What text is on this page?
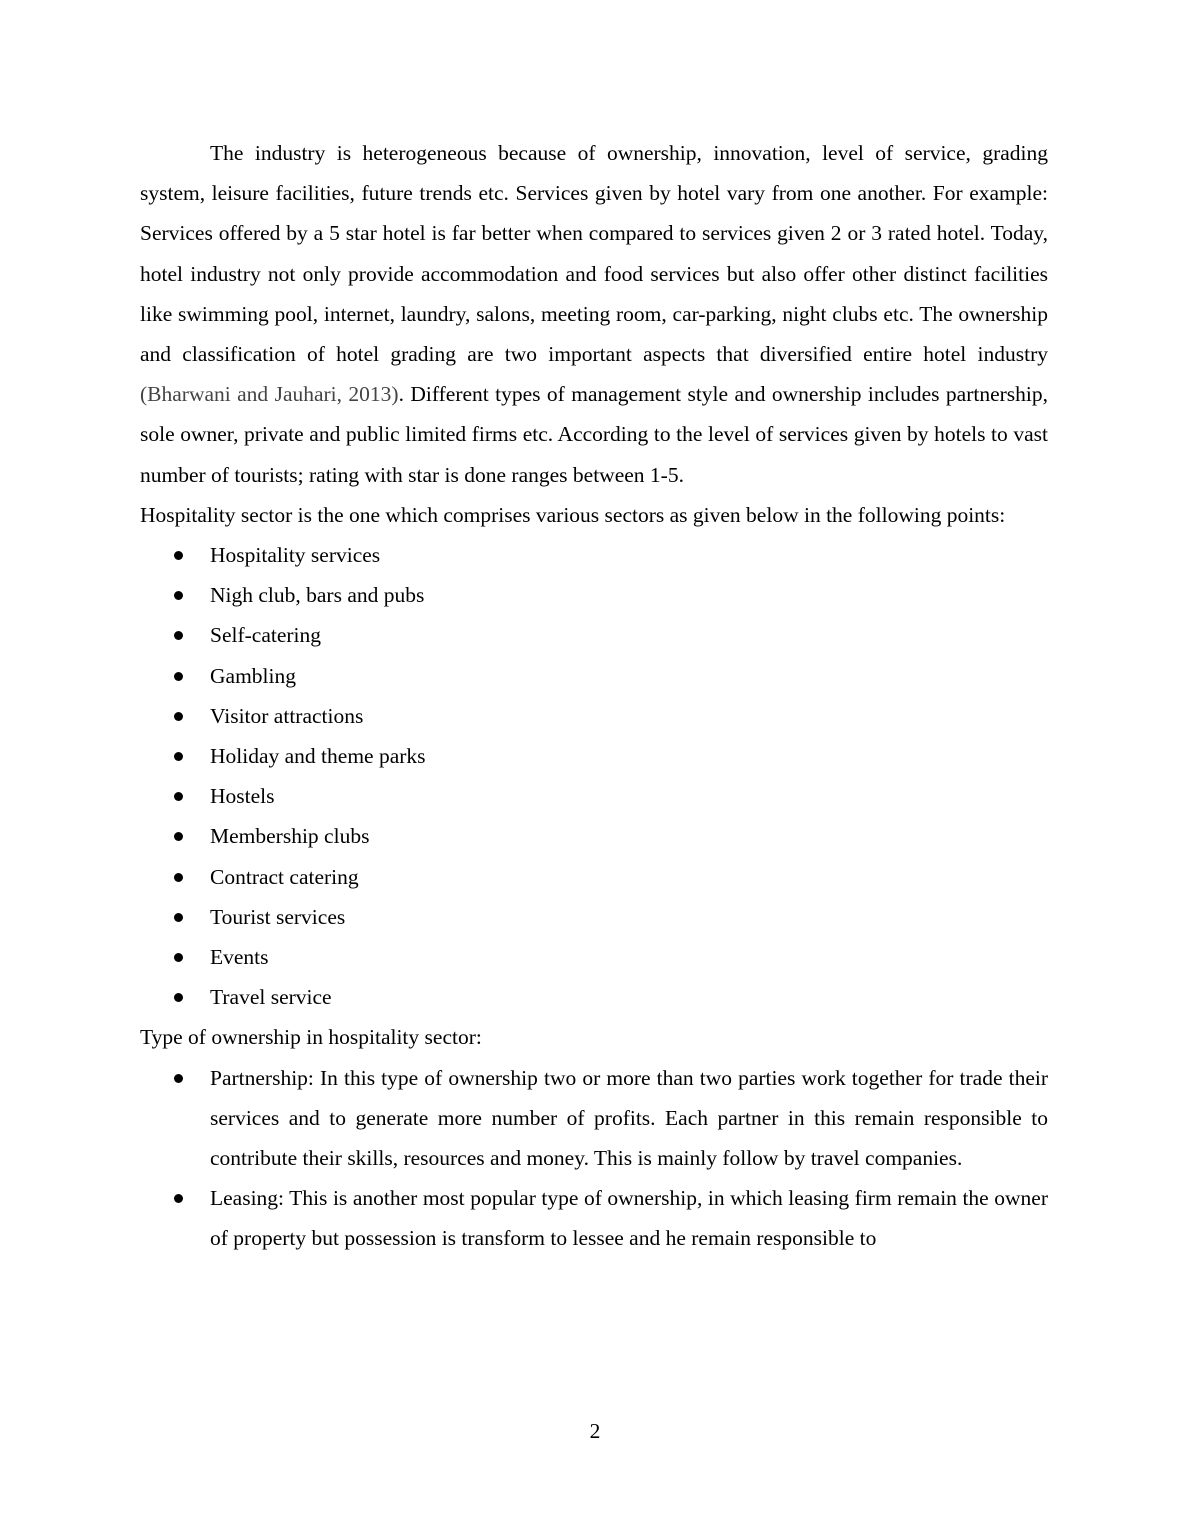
The industry is heterogeneous because of ownership, innovation, level of service, grading system, leisure facilities, future trends etc. Services given by hotel vary from one another. For example: Services offered by a 5 star hotel is far better when compared to services given 2 or 3 rated hotel. Today, hotel industry not only provide accommodation and food services but also offer other distinct facilities like swimming pool, internet, laundry, salons, meeting room, car-parking, night clubs etc. The ownership and classification of hotel grading are two important aspects that diversified entire hotel industry (Bharwani and Jauhari, 2013). Different types of management style and ownership includes partnership, sole owner, private and public limited firms etc. According to the level of services given by hotels to vast number of tourists; rating with star is done ranges between 1-5.

Hospitality sector is the one which comprises various sectors as given below in the following points:

Hospitality services
Nigh club, bars and pubs
Self-catering
Gambling
Visitor attractions
Holiday and theme parks
Hostels
Membership clubs
Contract catering
Tourist services
Events
Travel service

Type of ownership in hospitality sector:

Partnership: In this type of ownership two or more than two parties work together for trade their services and to generate more number of profits. Each partner in this remain responsible to contribute their skills, resources and money. This is mainly follow by travel companies.
Leasing: This is another most popular type of ownership, in which leasing firm remain the owner of property but possession is transform to lessee and he remain responsible to
2
